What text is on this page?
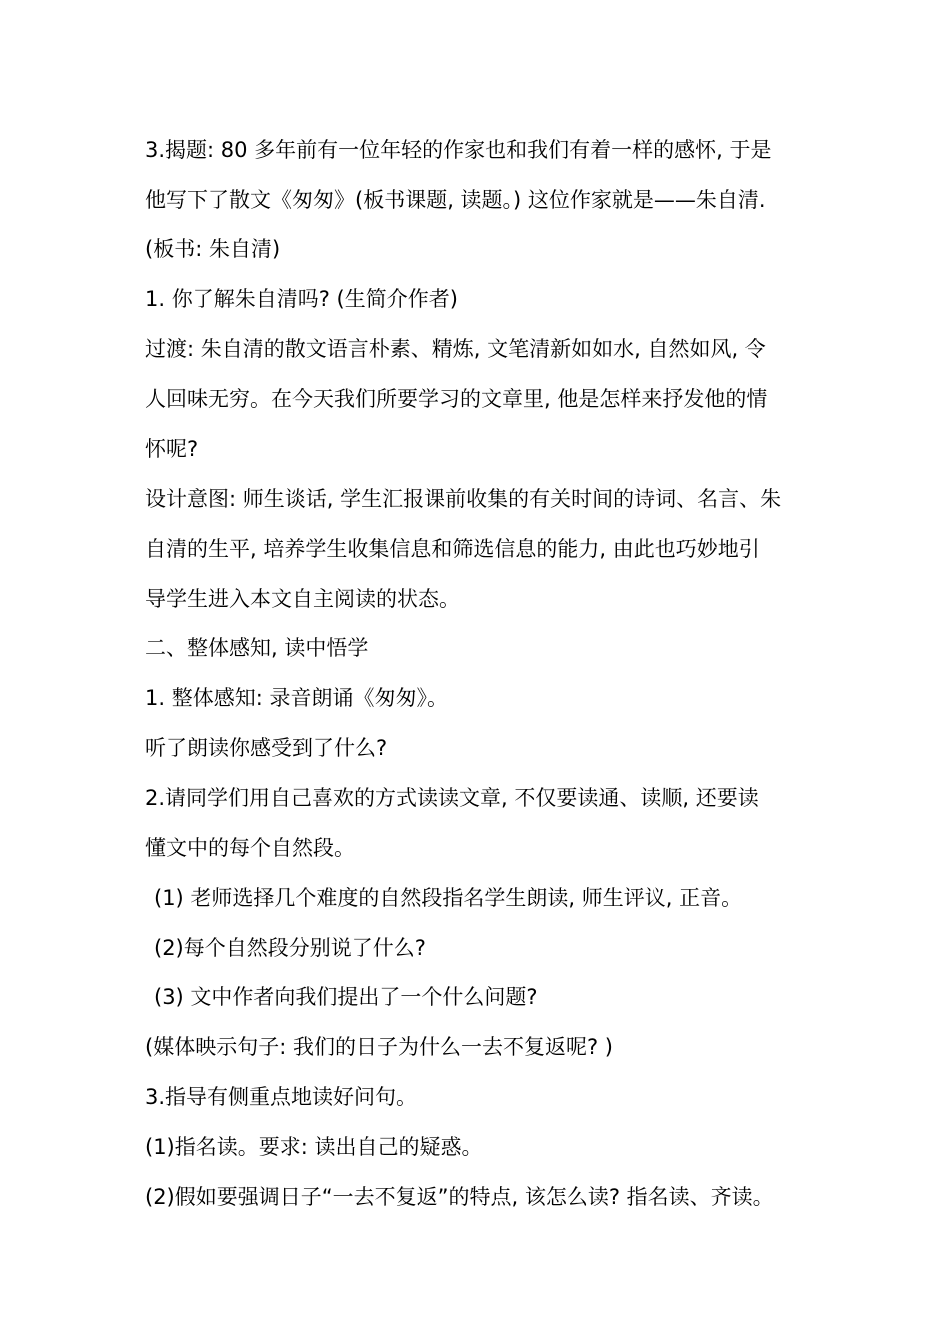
3.揭题: 80 多年前有一位年轻的作家也和我们有着一样的感怀, 于是
他写下了散文《匆匆》(板书课题, 读题。) 这位作家就是——朱自清.
(板书: 朱自清)
1. 你了解朱自清吗? (生简介作者)
过渡: 朱自清的散文语言朴素、精炼, 文笔清新如如水, 自然如风, 令
人回味无穷。在今天我们所要学习的文章里, 他是怎样来抒发他的情
怀呢?
设计意图: 师生谈话, 学生汇报课前收集的有关时间的诗词、名言、朱
自清的生平, 培养学生收集信息和筛选信息的能力, 由此也巧妙地引
导学生进入本文自主阅读的状态。
二、整体感知, 读中悟学
1. 整体感知: 录音朗诵《匆匆》。
听了朗读你感受到了什么?
2.请同学们用自己喜欢的方式读读文章, 不仅要读通、读顺, 还要读
懂文中的每个自然段。
(1) 老师选择几个难度的自然段指名学生朗读, 师生评议, 正音。
(2)每个自然段分别说了什么?
(3) 文中作者向我们提出了一个什么问题?
(媒体映示句子: 我们的日子为什么一去不复返呢? )
3.指导有侧重点地读好问句。
(1)指名读。要求: 读出自己的疑惑。
(2)假如要强调日子“一去不复返”的特点, 该怎么读? 指名读、齐读。
